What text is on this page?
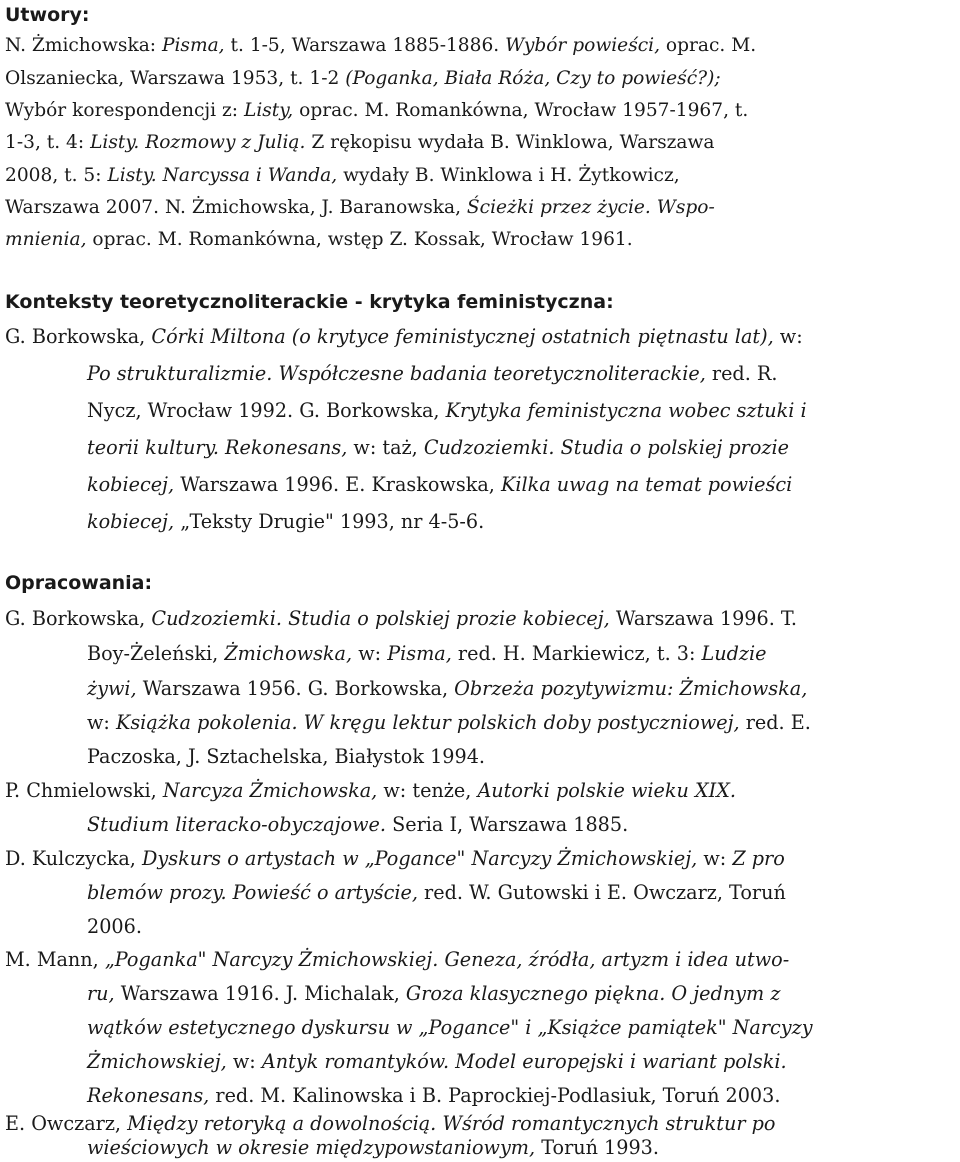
Utwory:
N. Żmichowska: Pisma, t. 1-5, Warszawa 1885-1886. Wybór powieści, oprac. M.
Olszaniecka, Warszawa 1953, t. 1-2 (Poganka, Biała Róża, Czy to powieść?);
Wybór korespondencji z: Listy, oprac. M. Romankówna, Wrocław 1957-1967, t.
1-3, t. 4: Listy. Rozmowy z Julią. Z rękopisu wydała B. Winklowa, Warszawa
2008, t. 5: Listy. Narcyssa i Wanda, wydały B. Winklowa i H. Żytkowicz,
Warszawa 2007. N. Żmichowska, J. Baranowska, Ścieżki przez życie. Wspo-
mnienia, oprac. M. Romankówna, wstęp Z. Kossak, Wrocław 1961.
Konteksty teoretycznoliterackie - krytyka feministyczna:
G. Borkowska, Córki Miltona (o krytyce feministycznej ostatnich piętnastu lat), w:
Po strukturalizmie. Współczesne badania teoretycznoliterackie, red. R.
Nycz, Wrocław 1992. G. Borkowska, Krytyka feministyczna wobec sztuki i
teorii kultury. Rekonesans, w: taż, Cudzoziemki. Studia o polskiej prozie
kobiecej, Warszawa 1996. E. Kraskowska, Kilka uwag na temat powieści
kobiecej, „Teksty Drugie" 1993, nr 4-5-6.
Opracowania:
G. Borkowska, Cudzoziemki. Studia o polskiej prozie kobiecej, Warszawa 1996. T.
Boy-Żeleński, Żmichowska, w: Pisma, red. H. Markiewicz, t. 3: Ludzie
żywi, Warszawa 1956. G. Borkowska, Obrzeża pozytywizmu: Żmichowska,
w: Książka pokolenia. W kręgu lektur polskich doby postyczniowej, red. E.
Paczoska, J. Sztachelska, Białystok 1994.
P. Chmielowski, Narcyza Żmichowska, w: tenże, Autorki polskie wieku XIX.
Studium literacko-obyczajowe. Seria I, Warszawa 1885.
D. Kulczycka, Dyskurs o artystach w „Pogance" Narcyzy Żmichowskiej, w: Z pro
blemów prozy. Powieść o artyście, red. W. Gutowski i E. Owczarz, Toruń
2006.
M. Mann, „Poganka" Narcyzy Żmichowskiej. Geneza, źródła, artyzm i idea utwo-
ru, Warszawa 1916. J. Michalak, Groza klasycznego piękna. O jednym z
wątków estetycznego dyskursu w „Pogance" i „Książce pamiątek" Narcyzy
Żmichowskiej, w: Antyk romantyków. Model europejski i wariant polski.
Rekonesans, red. M. Kalinowska i B. Paprockiej-Podlasiuk, Toruń 2003.
E. Owczarz, Między retoryką a dowolnością. Wśród romantycznych struktur po
wieściowych w okresie międzypowstaniowym, Toruń 1993.
